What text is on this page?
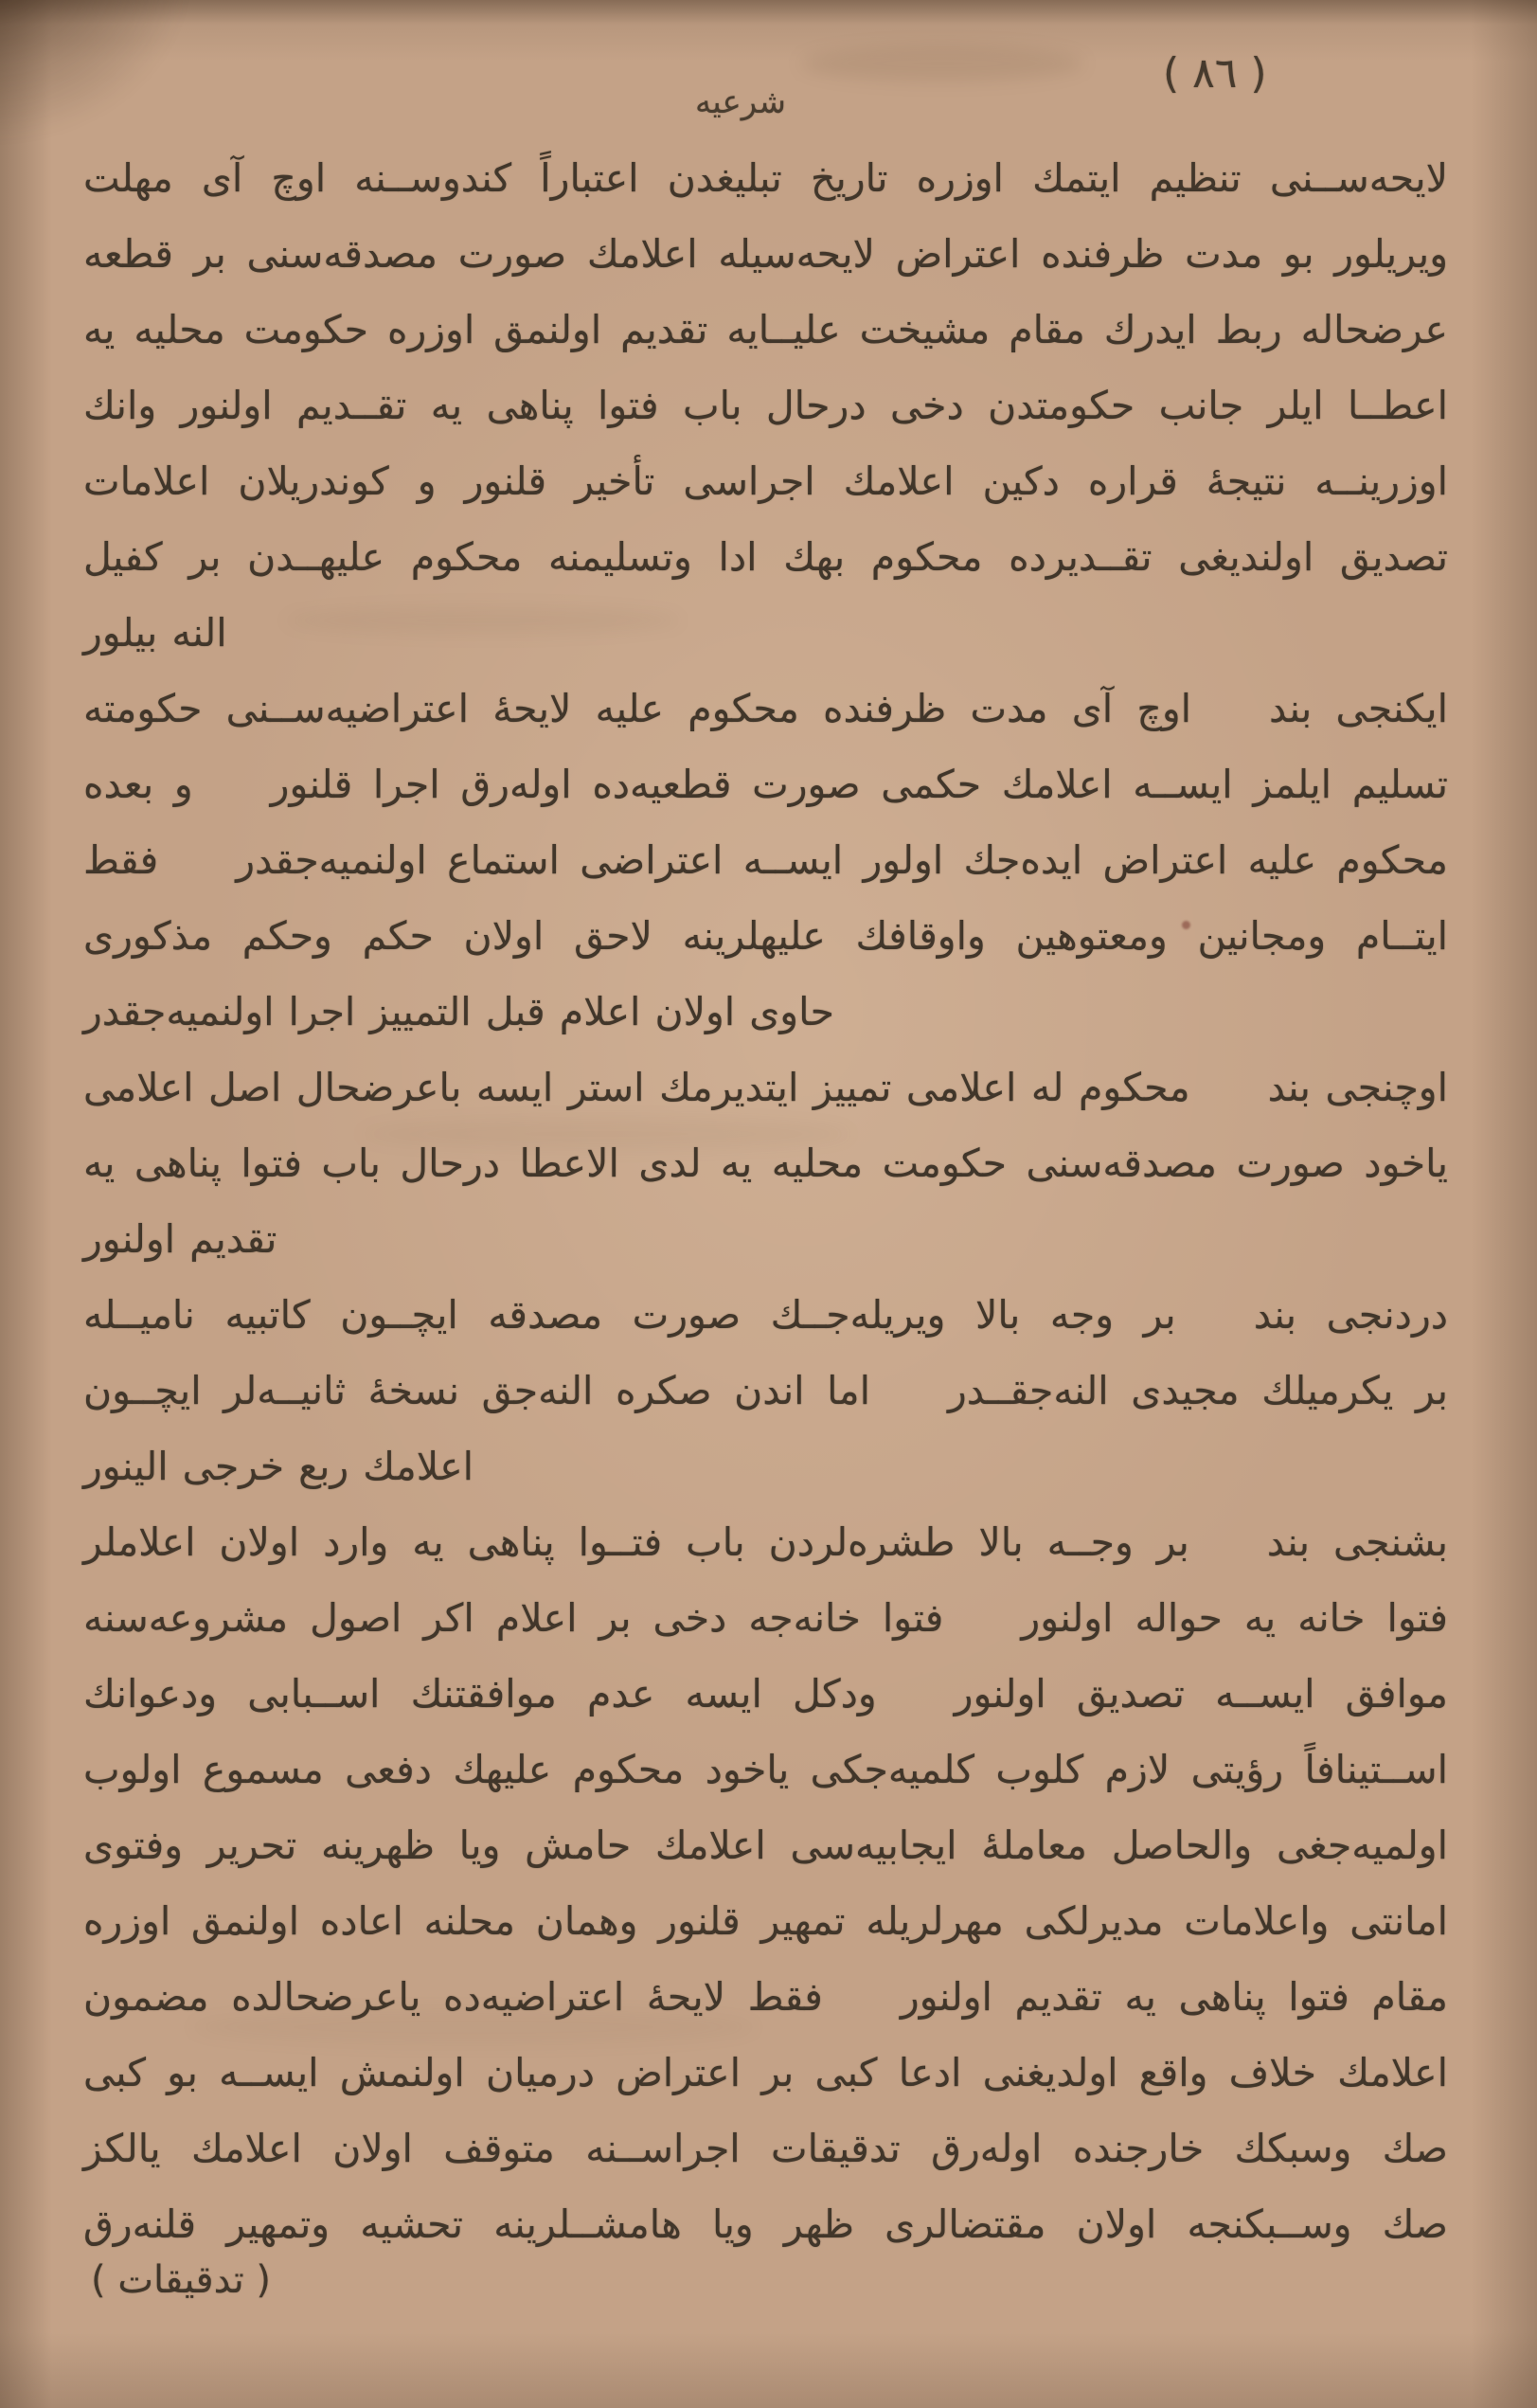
( ٨٦ )
شرعيه
لايحه‌ســنى تنظيم ايتمك اوزره تاريخ تبليغدن اعتباراً كندوســنه اوچ آى مهلت
ويريلور بو مدت ظرفنده اعتراض لايحه‌سيله اعلامك صورت مصدقه‌سنى بر قطعه
عرضحاله ربط ايدرك مقام مشيخت عليــايه تقديم اولنمق اوزره حكومت محليه يه
اعطــا ايلر جانب حكومتدن دخى درحال باب فتوا پناهى يه تقــديم اولنور وانك
اوزرينــه نتيجهٔ قراره دكين اعلامك اجراسى تأخير قلنور و كوندريلان اعلامات
تصديق اولنديغى تقــديرده محكوم بهك ادا وتسليمنه محكوم عليهــدن بر كفيل
النه بيلور
ايكنجى بند  اوچ آى مدت ظرفنده محكوم عليه لايحهٔ اعتراضيه‌ســنى حكومته
تسليم ايلمز ايســه اعلامك حكمى صورت قطعيه‌ده اوله‌رق اجرا قلنور  و بعده
محكوم عليه اعتراض ايده‌جك اولور ايســه اعتراضى استماع اولنميه‌جقدر  فقط
ايتــام ومجانين ومعتوهين واوقافك عليهلرينه لاحق اولان حكم وحكم مذكورى
حاوى اولان اعلام قبل التمييز اجرا اولنميه‌جقدر
اوچنجى بند  محكوم له اعلامى تمييز ايتديرمك استر ايسه باعرضحال اصل اعلامى
ياخود صورت مصدقه‌سنى حكومت محليه يه لدى الاعطا درحال باب فتوا پناهى يه
تقديم اولنور
دردنجى بند  بر وجه بالا ويريله‌جــك صورت مصدقه ايچــون كاتبيه ناميــله
بر يكرميلك مجيدى النه‌جقــدر  اما اندن صكره النه‌جق نسخهٔ ثانيــه‌لر ايچــون
اعلامك ربع خرجى الينور
بشنجى بند  بر وجــه بالا طشره‌لردن باب فتــوا پناهى يه وارد اولان اعلاملر
فتوا خانه يه حواله اولنور  فتوا خانه‌جه دخى بر اعلام اكر اصول مشروعه‌سنه
موافق ايســه تصديق اولنور  ودكل ايسه عدم موافقتنك اســبابى ودعوانك
اســتينافاً رؤيتى لازم كلوب كلميه‌جكى ياخود محكوم عليهك دفعى مسموع اولوب
اولميه‌جغى والحاصل معاملهٔ ايجابيه‌سى اعلامك حامش ويا ظهرينه تحرير وفتوى
امانتى واعلامات مديرلكى مهرلريله تمهير قلنور وهمان محلنه اعاده اولنمق اوزره
مقام فتوا پناهى يه تقديم اولنور  فقط لايحهٔ اعتراضيه‌ده ياعرضحالده مضمون
اعلامك خلاف واقع اولديغنى ادعا كبى بر اعتراض درميان اولنمش ايســه بو كبى
صك وسبكك خارجنده اوله‌رق تدقيقات اجراســنه متوقف اولان اعلامك يالكز
صك وســبكنجه اولان مقتضالرى ظهر ويا هامشــلرينه تحشيه وتمهير قلنه‌رق
( تدقيقات )
